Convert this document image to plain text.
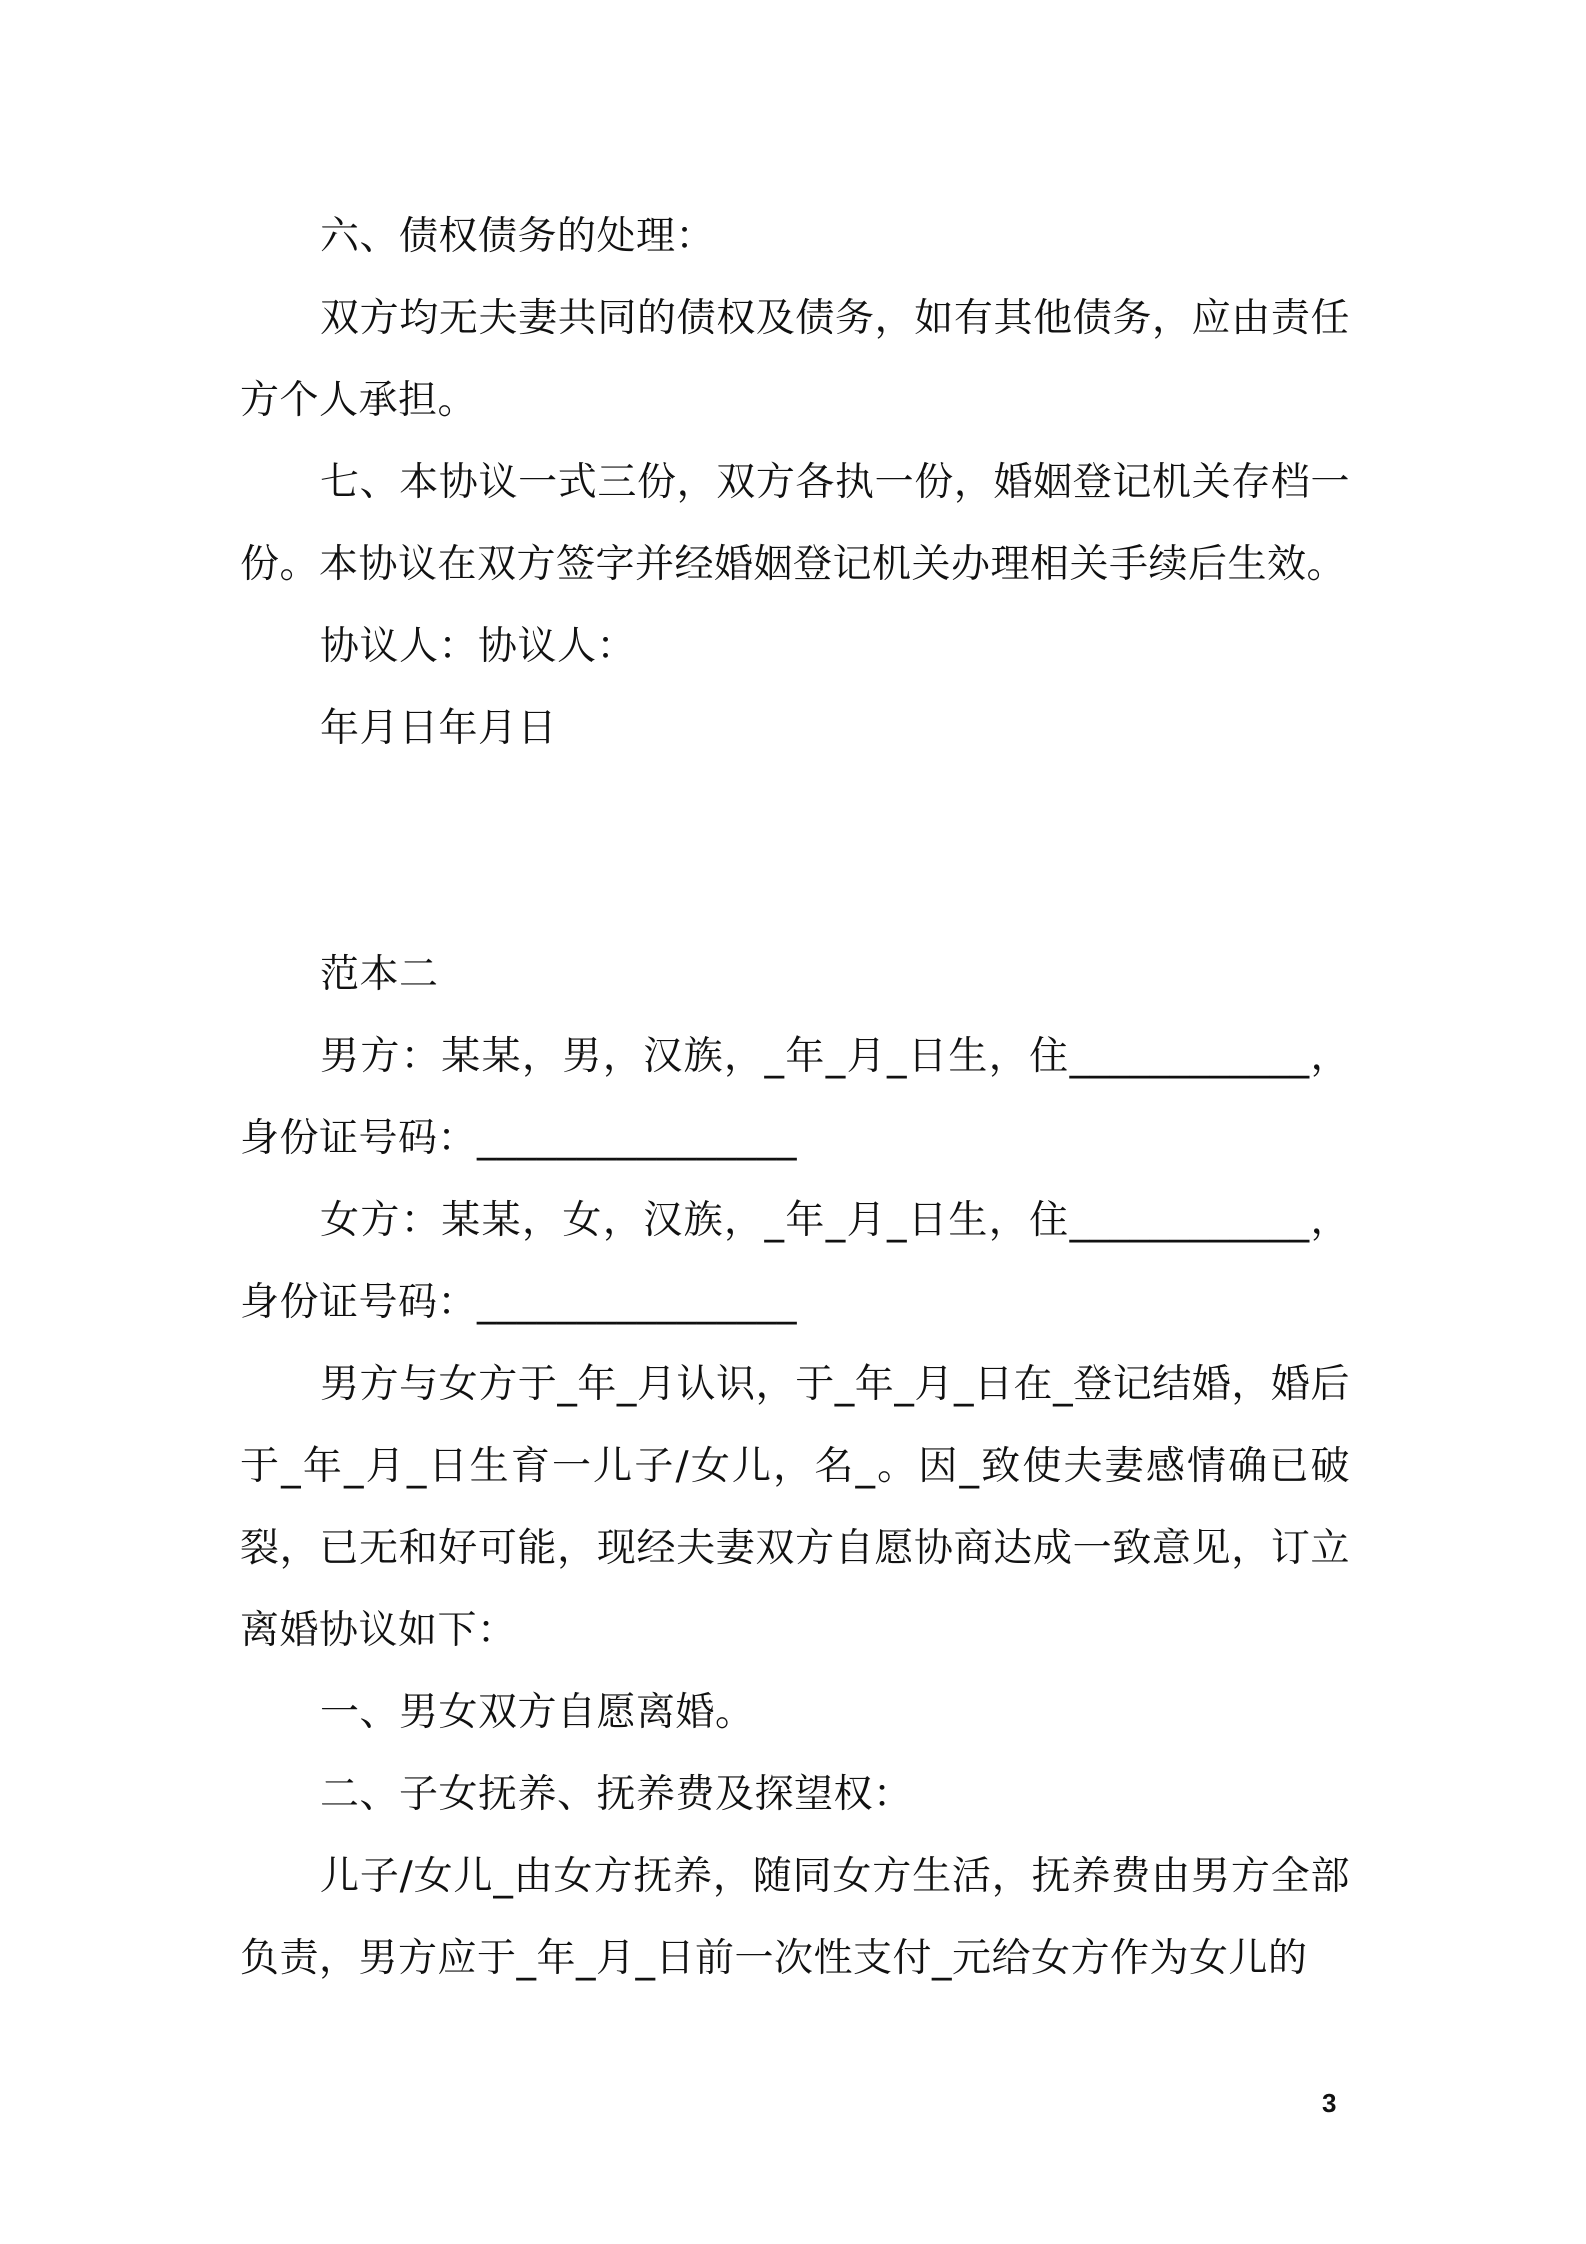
六、债权债务的处理：

双方均无夫妻共同的债权及债务，如有其他债务，应由责任方个人承担。

七、本协议一式三份，双方各执一份，婚姻登记机关存档一份。本协议在双方签字并经婚姻登记机关办理相关手续后生效。

协议人：协议人：

年月日年月日

范本二

男方：某某，男，汉族，_年_月_日生，住____________，身份证号码：________________

女方：某某，女，汉族，_年_月_日生，住____________，身份证号码：________________

男方与女方于_年_月认识，于_年_月_日在_登记结婚，婚后于_年_月_日生育一儿子/女儿，名_。因_致使夫妻感情确已破裂，已无和好可能，现经夫妻双方自愿协商达成一致意见，订立离婚协议如下：

一、男女双方自愿离婚。

二、子女抚养、抚养费及探望权：

儿子/女儿_由女方抚养，随同女方生活，抚养费由男方全部负责，男方应于_年_月_日前一次性支付_元给女方作为女儿的

3
